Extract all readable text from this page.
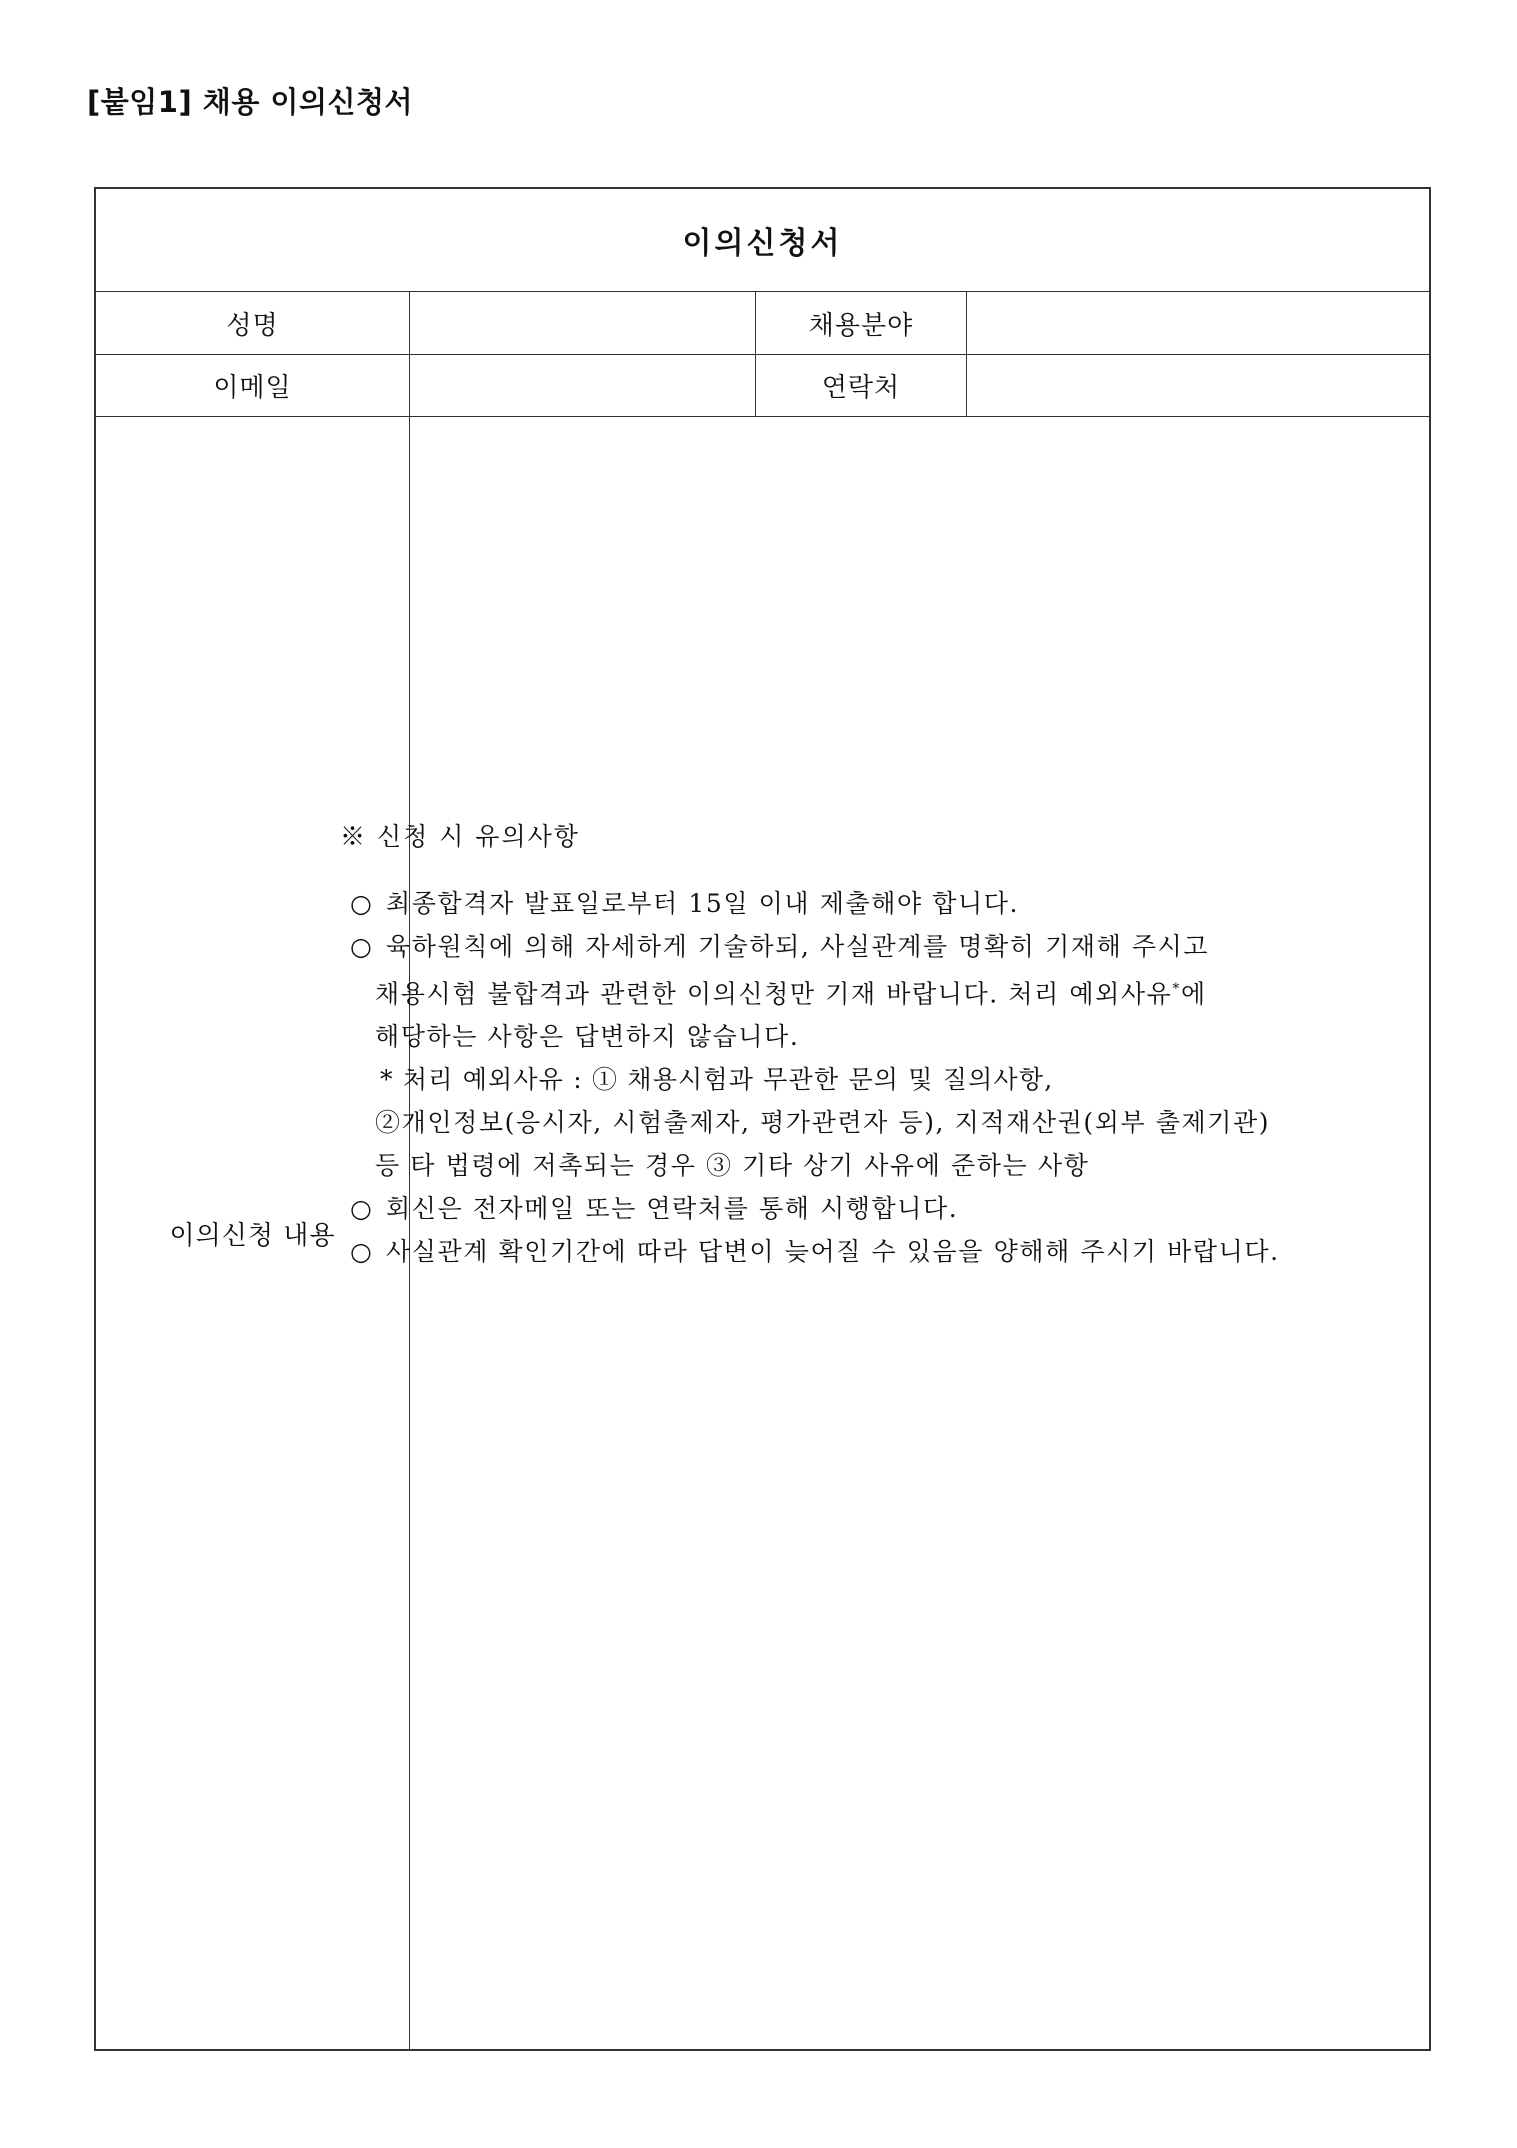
[붙임1] 채용 이의신청서
이의신청서
성명	채용분야
이메일	연락처
이의신청 내용
※ 신청 시 유의사항
○ 최종합격자 발표일로부터 15일 이내 제출해야 합니다.
○ 육하원칙에 의해 자세하게 기술하되, 사실관계를 명확히 기재해 주시고
채용시험 불합격과 관련한 이의신청만 기재 바랍니다. 처리 예외사유*에
해당하는 사항은 답변하지 않습니다.
* 처리 예외사유 : ① 채용시험과 무관한 문의 및 질의사항,
②개인정보(응시자, 시험출제자, 평가관련자 등), 지적재산권(외부 출제기관)
등 타 법령에 저촉되는 경우 ③ 기타 상기 사유에 준하는 사항
○ 회신은 전자메일 또는 연락처를 통해 시행합니다.
○ 사실관계 확인기간에 따라 답변이 늦어질 수 있음을 양해해 주시기 바랍니다.
